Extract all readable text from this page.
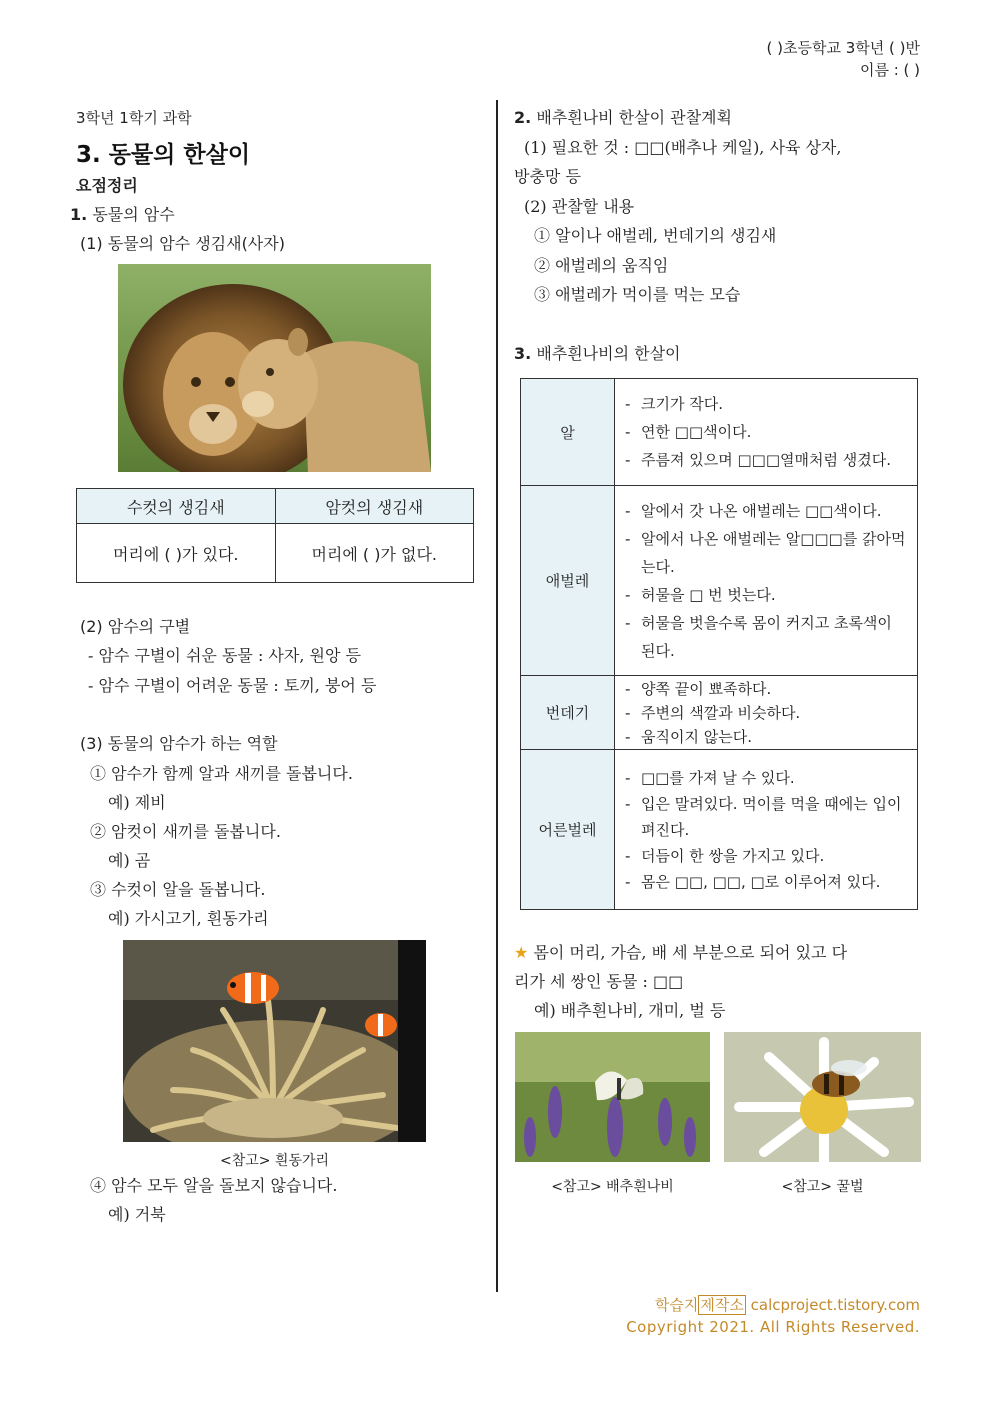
( )초등학교 3학년 ( )반
이름 : ( )
3학년 1학기 과학
3. 동물의 한살이
요점정리
1. 동물의 암수
(1) 동물의 암수 생김새(사자)
수컷의 생김새	암컷의 생김새
머리에 ( )가 있다.	머리에 ( )가 없다.
(2) 암수의 구별
- 암수 구별이 쉬운 동물 : 사자, 원앙 등
- 암수 구별이 어려운 동물 : 토끼, 붕어 등
(3) 동물의 암수가 하는 역할
① 암수가 함께 알과 새끼를 돌봅니다.
예) 제비
② 암컷이 새끼를 돌봅니다.
예) 곰
③ 수컷이 알을 돌봅니다.
예) 가시고기, 흰동가리
<참고> 흰동가리
④ 암수 모두 알을 돌보지 않습니다.
예) 거북
2. 배추흰나비 한살이 관찰계획
(1) 필요한 것 : □□(배추나 케일), 사육 상자,
방충망 등
(2) 관찰할 내용
① 알이나 애벌레, 번데기의 생김새
② 애벌레의 움직임
③ 애벌레가 먹이를 먹는 모습
3. 배추흰나비의 한살이
알	- 크기가 작다.
- 연한 □□색이다.
- 주름져 있으며 □□□열매처럼 생겼다.

애벌레	- 알에서 갓 나온 애벌레는 □□색이다.
- 알에서 나온 애벌레는 알□□□를 갉아먹는다.
- 허물을 □ 번 벗는다.
- 허물을 벗을수록 몸이 커지고 초록색이 된다.

번데기	- 양쪽 끝이 뾰족하다.
- 주변의 색깔과 비슷하다.
- 움직이지 않는다.

어른벌레	- □□를 가져 날 수 있다.
- 입은 말려있다. 먹이를 먹을 때에는 입이 펴진다.
- 더듬이 한 쌍을 가지고 있다.
- 몸은 □□, □□, □로 이루어져 있다.
★ 몸이 머리, 가슴, 배 세 부분으로 되어 있고 다
리가 세 쌍인 동물 : □□
예) 배추흰나비, 개미, 벌 등
<참고> 배추흰나비	<참고> 꿀벌
학습지 제작소 calcproject.tistory.com
Copyright 2021. All Rights Reserved.
